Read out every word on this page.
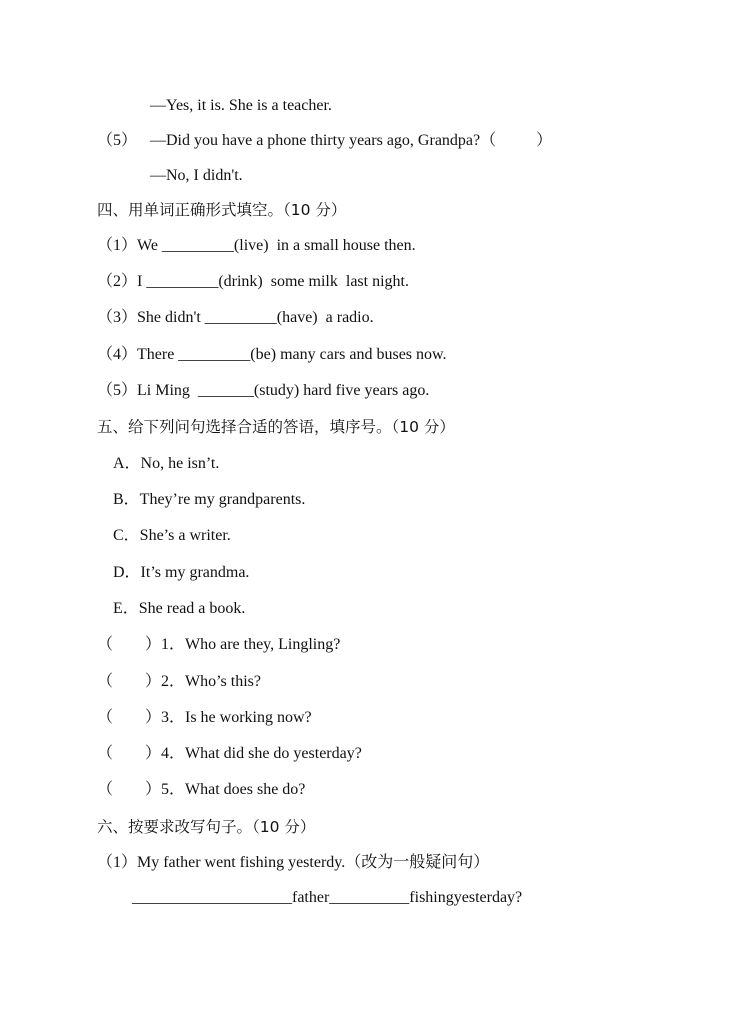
—Yes, it is. She is a teacher.
（5） —Did you have a phone thirty years ago, Grandpa?（          ）
—No, I didn't.
四、用单词正确形式填空。（10 分）
（1）We _________(live)  in a small house then.
（2）I _________(drink)  some milk  last night.
（3）She didn't _________(have)  a radio.
（4）There _________(be) many cars and buses now.
（5）Li Ming  _______(study) hard five years ago.
五、给下列问句选择合适的答语，填序号。（10 分）
A．No, he isn’t.
B．They’re my grandparents.
C．She’s a writer.
D．It’s my grandma.
E．She read a book.
（        ）1．Who are they, Lingling?
（        ）2．Who’s this?
（        ）3．Is he working now?
（        ）4．What did she do yesterday?
（        ）5．What does she do?
六、按要求改写句子。（10 分）
（1）My father went fishing yesterdy.（改为一般疑问句）
____________________father__________fishingyesterday?
